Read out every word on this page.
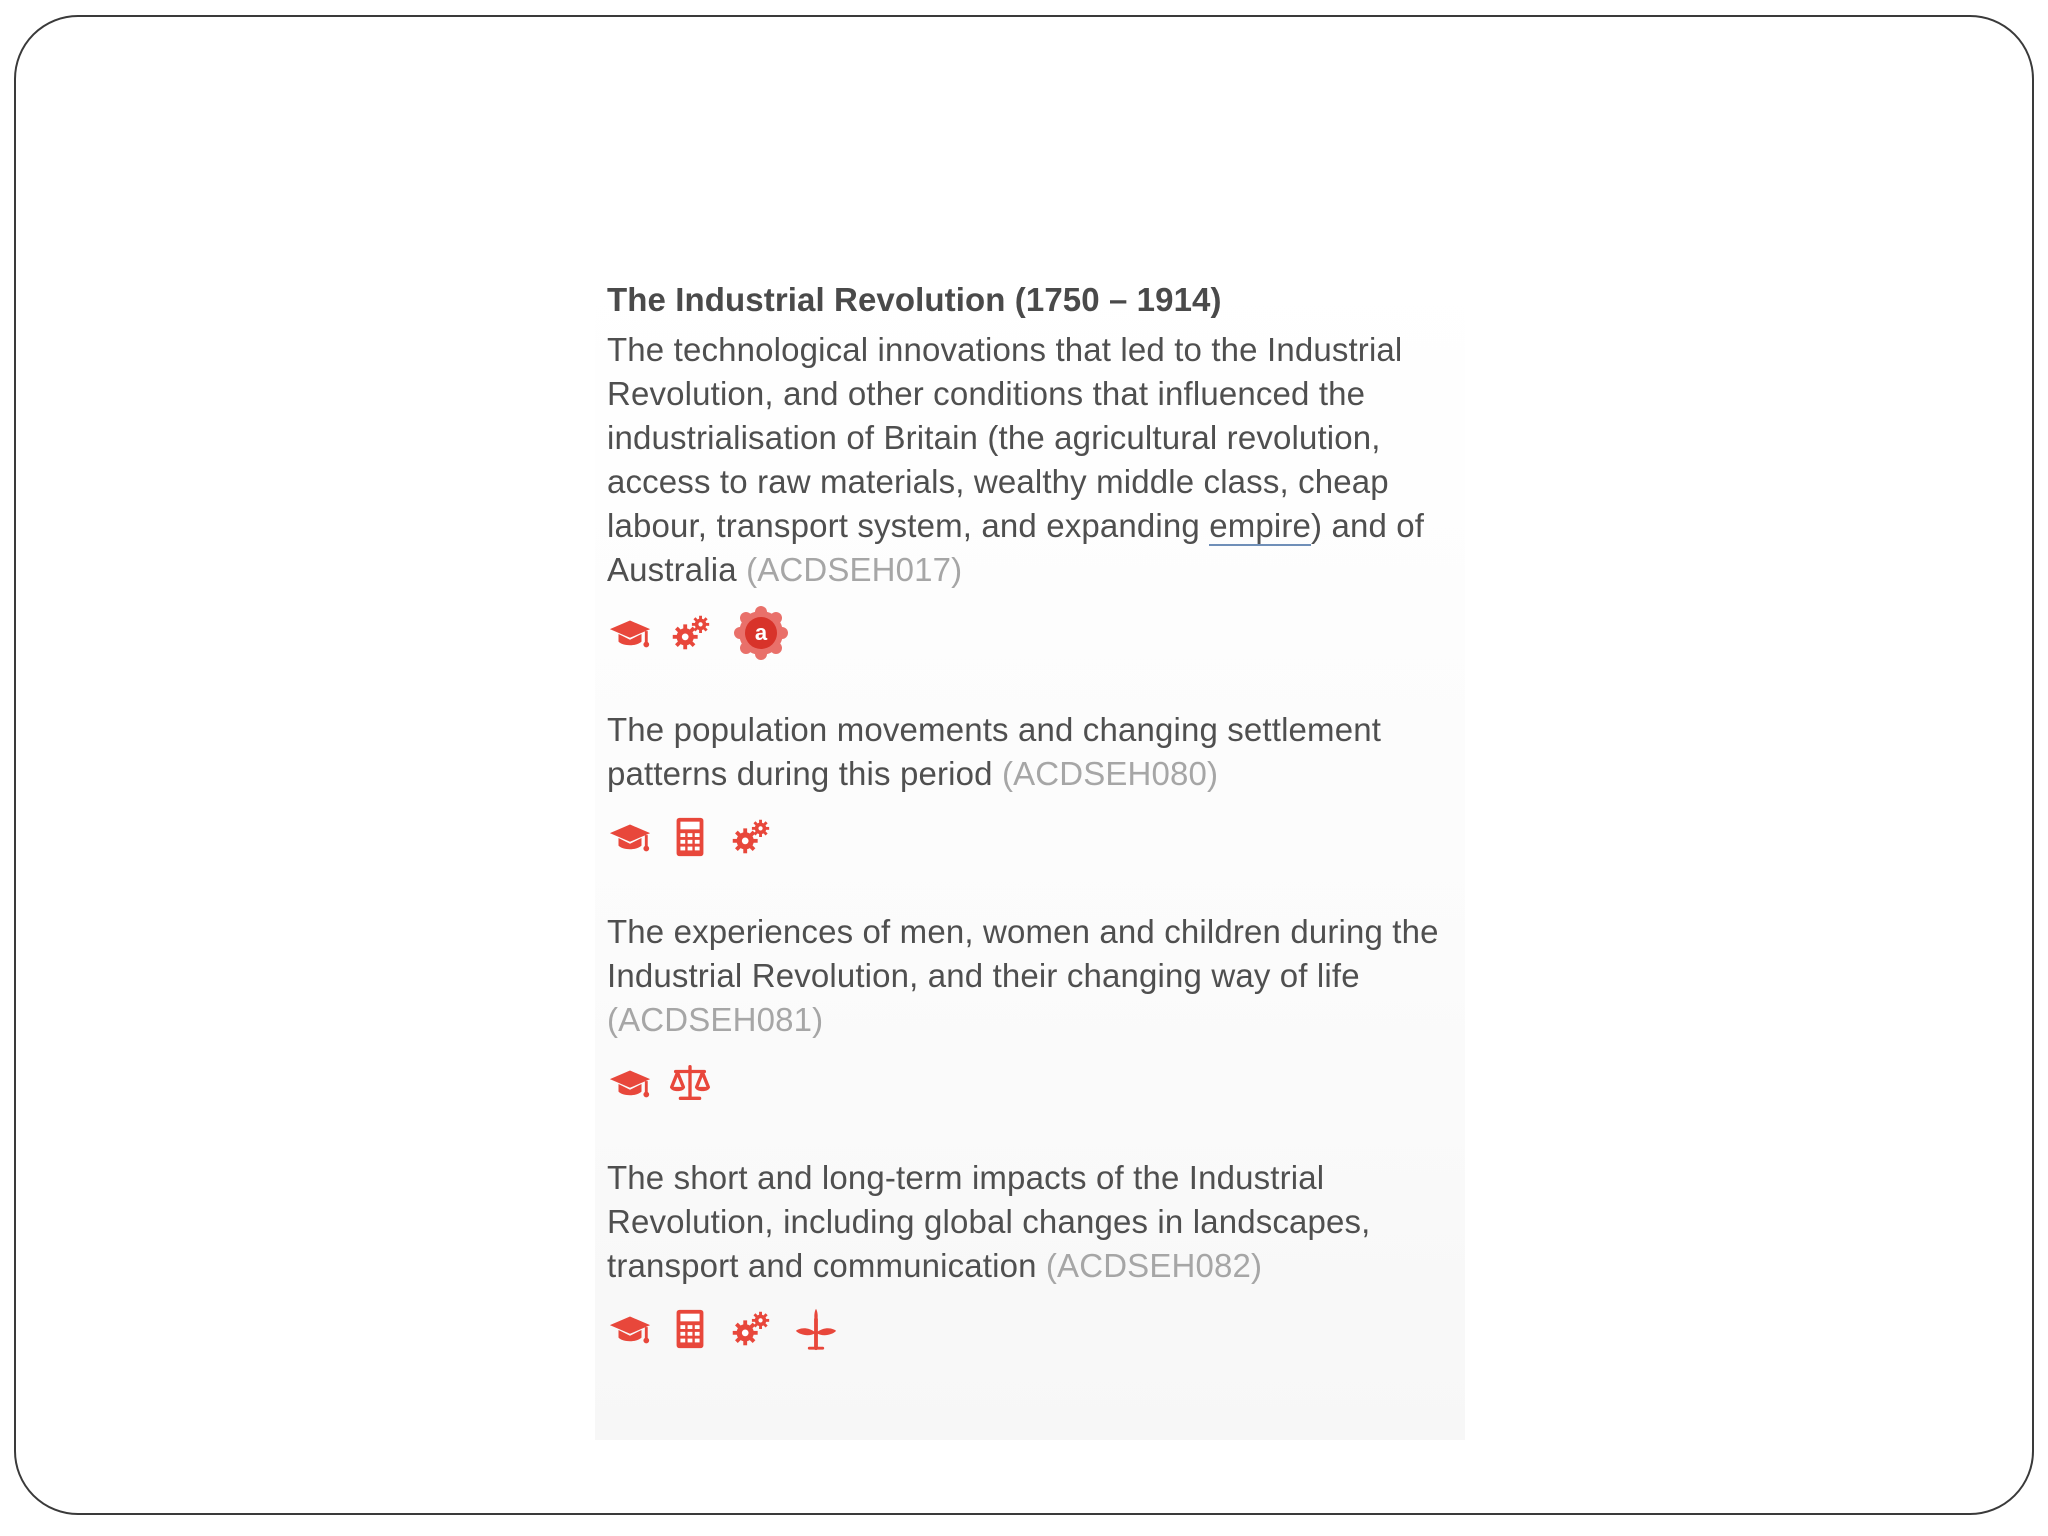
The Industrial Revolution (1750 – 1914)

The technological innovations that led to the Industrial Revolution, and other conditions that influenced the industrialisation of Britain (the agricultural revolution, access to raw materials, wealthy middle class, cheap labour, transport system, and expanding empire) and of Australia (ACDSEH017)

a

The population movements and changing settlement patterns during this period (ACDSEH080)

The experiences of men, women and children during the Industrial Revolution, and their changing way of life (ACDSEH081)

The short and long-term impacts of the Industrial Revolution, including global changes in landscapes, transport and communication (ACDSEH082)
